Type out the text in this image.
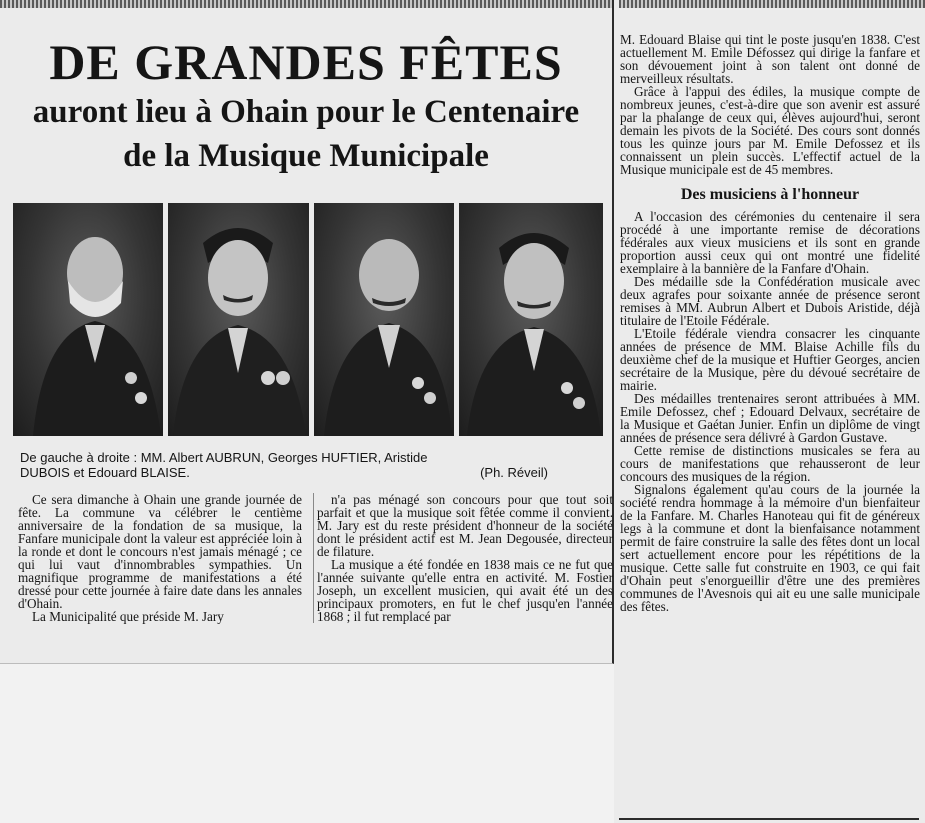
DE GRANDES FÊTES
auront lieu à Ohain pour le Centenaire
de la Musique Municipale
De gauche à droite : MM. Albert AUBRUN, Georges HUFTIER, Aristide
DUBOIS et Edouard BLAISE.	(Ph. Réveil)

Ce sera dimanche à Ohain une grande journée de fête. La commune va célébrer le centième anniversaire de la fondation de sa musique, la Fanfare municipale dont la valeur est appréciée loin à la ronde et dont le concours n'est jamais ménagé ; ce qui lui vaut d'innombrables sympathies. Un magnifique programme de manifestations a été dressé pour cette journée à faire date dans les annales d'Ohain.

La Municipalité que préside M. Jary

n'a pas ménagé son concours pour que tout soit parfait et que la musique soit fêtée comme il convient. M. Jary est du reste président d'honneur de la société dont le président actif est M. Jean Degousée, directeur de filature.

La musique a été fondée en 1838 mais ce ne fut que l'année suivante qu'elle entra en activité. M. Fostier Joseph, un excellent musicien, qui avait été un des principaux promoters, en fut le chef jusqu'en l'année 1868 ; il fut remplacé par

M. Edouard Blaise qui tint le poste jusqu'en 1838. C'est actuellement M. Emile Défossez qui dirige la fanfare et son dévouement joint à son talent ont donné de merveilleux résultats.

Grâce à l'appui des édiles, la musique compte de nombreux jeunes, c'est-à-dire que son avenir est assuré par la phalange de ceux qui, élèves aujourd'hui, seront demain les pivots de la Société. Des cours sont donnés tous les quinze jours par M. Emile Defossez et ils connaissent un plein succès. L'effectif actuel de la Musique municipale est de 45 membres.

Des musiciens à l'honneur

A l'occasion des cérémonies du centenaire il sera procédé à une importante remise de décorations fédérales aux vieux musiciens et ils sont en grande proportion aussi ceux qui ont montré une fidelité exemplaire à la bannière de la Fanfare d'Ohain.

Des médaille sde la Confédération musicale avec deux agrafes pour soixante année de présence seront remises à MM. Aubrun Albert et Dubois Aristide, déjà titulaire de l'Etoile Fédérale.

L'Etoile fédérale viendra consacrer les cinquante années de présence de MM. Blaise Achille fils du deuxième chef de la musique et Huftier Georges, ancien secrétaire de la Musique, père du dévoué secrétaire de mairie.

Des médailles trentenaires seront attribuées à MM. Emile Defossez, chef ; Edouard Delvaux, secrétaire de la Musique et Gaétan Junier. Enfin un diplôme de vingt années de présence sera délivré à Gardon Gustave.

Cette remise de distinctions musicales se fera au cours de manifestations que rehausseront de leur concours des musiques de la région.

Signalons également qu'au cours de la journée la société rendra hommage à la mémoire d'un bienfaiteur de la Fanfare. M. Charles Hanoteau qui fit de généreux legs à la commune et dont la bienfaisance notamment permit de faire construire la salle des fêtes dont un local sert actuellement encore pour les répétitions de la musique. Cette salle fut construite en 1903, ce qui fait d'Ohain peut s'enorgueillir d'être une des premières communes de l'Avesnois qui ait eu une salle municipale des fêtes.
